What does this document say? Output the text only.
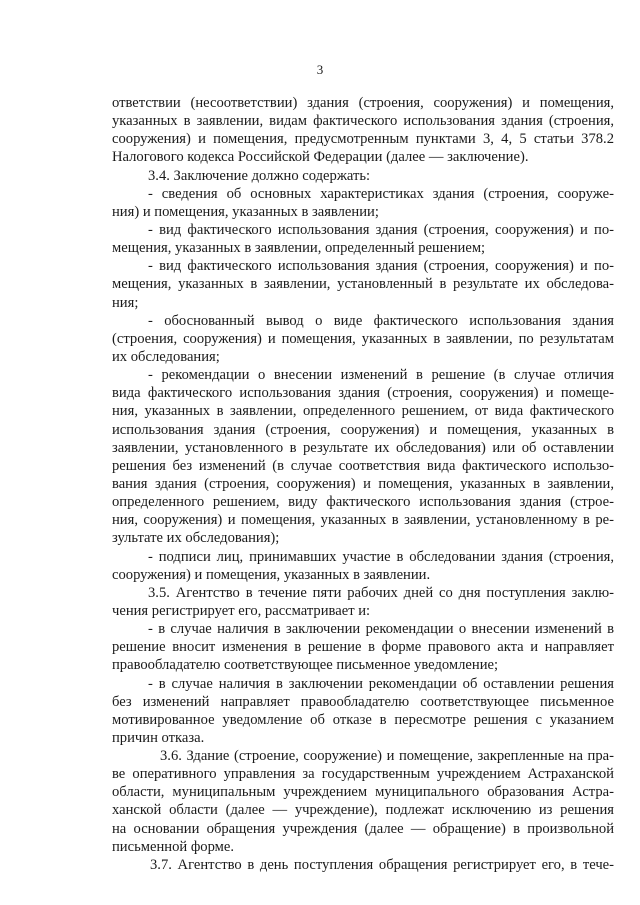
3
ответствии (несоответствии) здания (строения, сооружения) и помещения,
указанных в заявлении, видам фактического использования здания (строения,
сооружения) и помещения, предусмотренным пунктами 3, 4, 5 статьи 378.2
Налогового кодекса Российской Федерации (далее — заключение).
3.4. Заключение должно содержать:
- сведения об основных характеристиках здания (строения, сооруже-
ния) и помещения, указанных в заявлении;
- вид фактического использования здания (строения, сооружения) и по-
мещения, указанных в заявлении, определенный решением;
- вид фактического использования здания (строения, сооружения) и по-
мещения, указанных в заявлении, установленный в результате их обследова-
ния;
- обоснованный вывод о виде фактического использования здания
(строения, сооружения) и помещения, указанных в заявлении, по результатам
их обследования;
- рекомендации о внесении изменений в решение (в случае отличия
вида фактического использования здания (строения, сооружения) и помеще-
ния, указанных в заявлении, определенного решением, от вида фактического
использования здания (строения, сооружения) и помещения, указанных в
заявлении, установленного в результате их обследования) или об оставлении
решения без изменений (в случае соответствия вида фактического использо-
вания здания (строения, сооружения) и помещения, указанных в заявлении,
определенного решением, виду фактического использования здания (строе-
ния, сооружения) и помещения, указанных в заявлении, установленному в ре-
зультате их обследования);
- подписи лиц, принимавших участие в обследовании здания (строения,
сооружения) и помещения, указанных в заявлении.
3.5. Агентство в течение пяти рабочих дней со дня поступления заклю-
чения регистрирует его, рассматривает и:
- в случае наличия в заключении рекомендации о внесении изменений в
решение вносит изменения в решение в форме правового акта и направляет
правообладателю соответствующее письменное уведомление;
- в случае наличия в заключении рекомендации об оставлении решения
без изменений направляет правообладателю соответствующее письменное
мотивированное уведомление об отказе в пересмотре решения с указанием
причин отказа.
3.6. Здание (строение, сооружение) и помещение, закрепленные на пра-
ве оперативного управления за государственным учреждением Астраханской
области, муниципальным учреждением муниципального образования Астра-
ханской области (далее — учреждение), подлежат исключению из решения
на основании обращения учреждения (далее — обращение) в произвольной
письменной форме.
3.7. Агентство в день поступления обращения регистрирует его, в тече-
